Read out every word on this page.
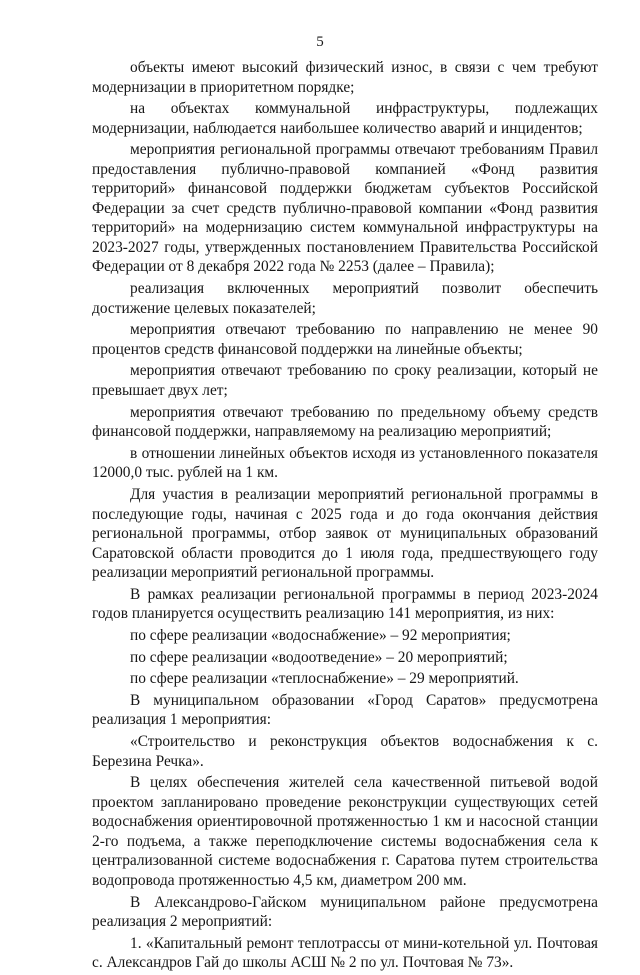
5

объекты имеют высокий физический износ, в связи с чем требуют модернизации в приоритетном порядке;

на объектах коммунальной инфраструктуры, подлежащих модернизации, наблюдается наибольшее количество аварий и инцидентов;

мероприятия региональной программы отвечают требованиям Правил предоставления публично-правовой компанией «Фонд развития территорий» финансовой поддержки бюджетам субъектов Российской Федерации за счет средств публично-правовой компании «Фонд развития территорий» на модернизацию систем коммунальной инфраструктуры на 2023-2027 годы, утвержденных постановлением Правительства Российской Федерации от 8 декабря 2022 года № 2253 (далее – Правила);

реализация включенных мероприятий позволит обеспечить достижение целевых показателей;

мероприятия отвечают требованию по направлению не менее 90 процентов средств финансовой поддержки на линейные объекты;

мероприятия отвечают требованию по сроку реализации, который не превышает двух лет;

мероприятия отвечают требованию по предельному объему средств финансовой поддержки, направляемому на реализацию мероприятий;

в отношении линейных объектов исходя из установленного показателя 12000,0 тыс. рублей на 1 км.

Для участия в реализации мероприятий региональной программы в последующие годы, начиная с 2025 года и до года окончания действия региональной программы, отбор заявок от муниципальных образований Саратовской области проводится до 1 июля года, предшествующего году реализации мероприятий региональной программы.

В рамках реализации региональной программы в период 2023-2024 годов планируется осуществить реализацию 141 мероприятия, из них:

по сфере реализации «водоснабжение» – 92 мероприятия;

по сфере реализации «водоотведение» – 20 мероприятий;

по сфере реализации «теплоснабжение» – 29 мероприятий.

В муниципальном образовании «Город Саратов» предусмотрена реализация 1 мероприятия:

«Строительство и реконструкция объектов водоснабжения к с. Березина Речка».

В целях обеспечения жителей села качественной питьевой водой проектом запланировано проведение реконструкции существующих сетей водоснабжения ориентировочной протяженностью 1 км и насосной станции 2-го подъема, а также переподключение системы водоснабжения села к централизованной системе водоснабжения г. Саратова путем строительства водопровода протяженностью 4,5 км, диаметром 200 мм.

В Александрово-Гайском муниципальном районе предусмотрена реализация 2 мероприятий:

1. «Капитальный ремонт теплотрассы от мини-котельной ул. Почтовая с. Александров Гай до школы АСШ № 2 по ул. Почтовая № 73».
